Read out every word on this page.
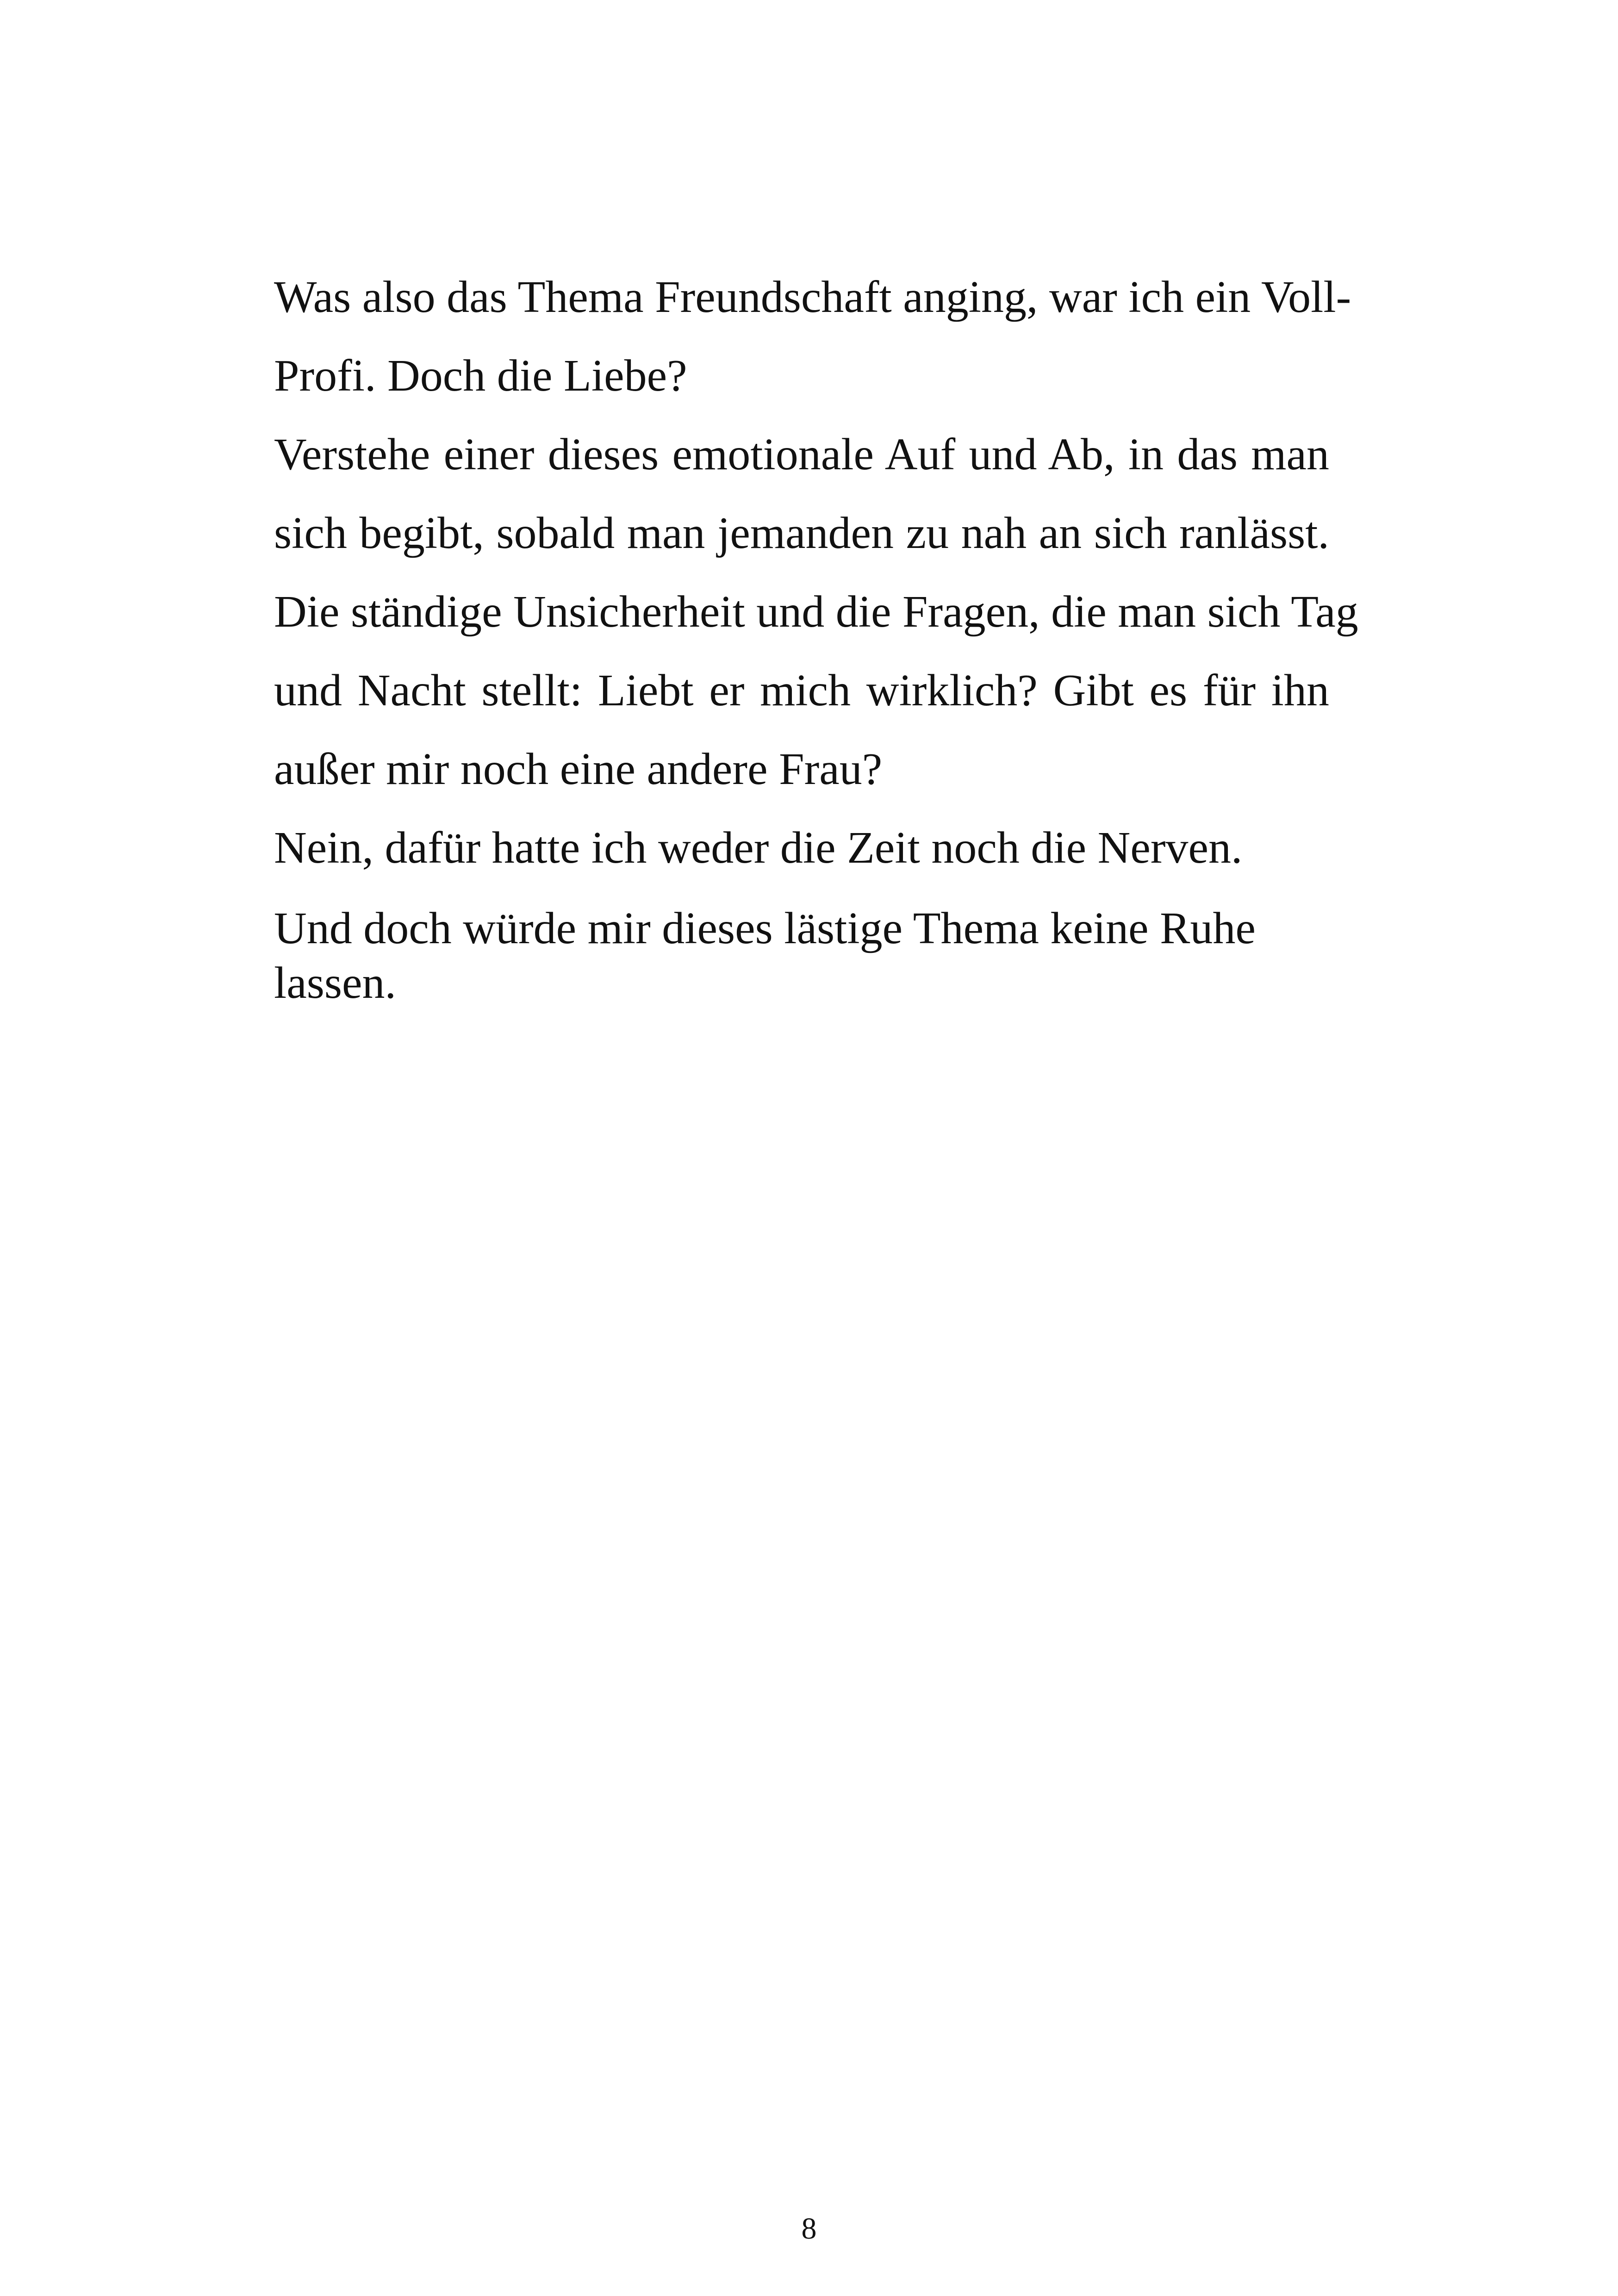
Was also das Thema Freundschaft anging, war ich ein Voll-
Profi. Doch die Liebe?
Verstehe einer dieses emotionale Auf und Ab, in das man
sich begibt, sobald man jemanden zu nah an sich ranlässt.
Die ständige Unsicherheit und die Fragen, die man sich Tag
und Nacht stellt: Liebt er mich wirklich? Gibt es für ihn
außer mir noch eine andere Frau?
Nein, dafür hatte ich weder die Zeit noch die Nerven.
Und doch würde mir dieses lästige Thema keine Ruhe
lassen.
8
